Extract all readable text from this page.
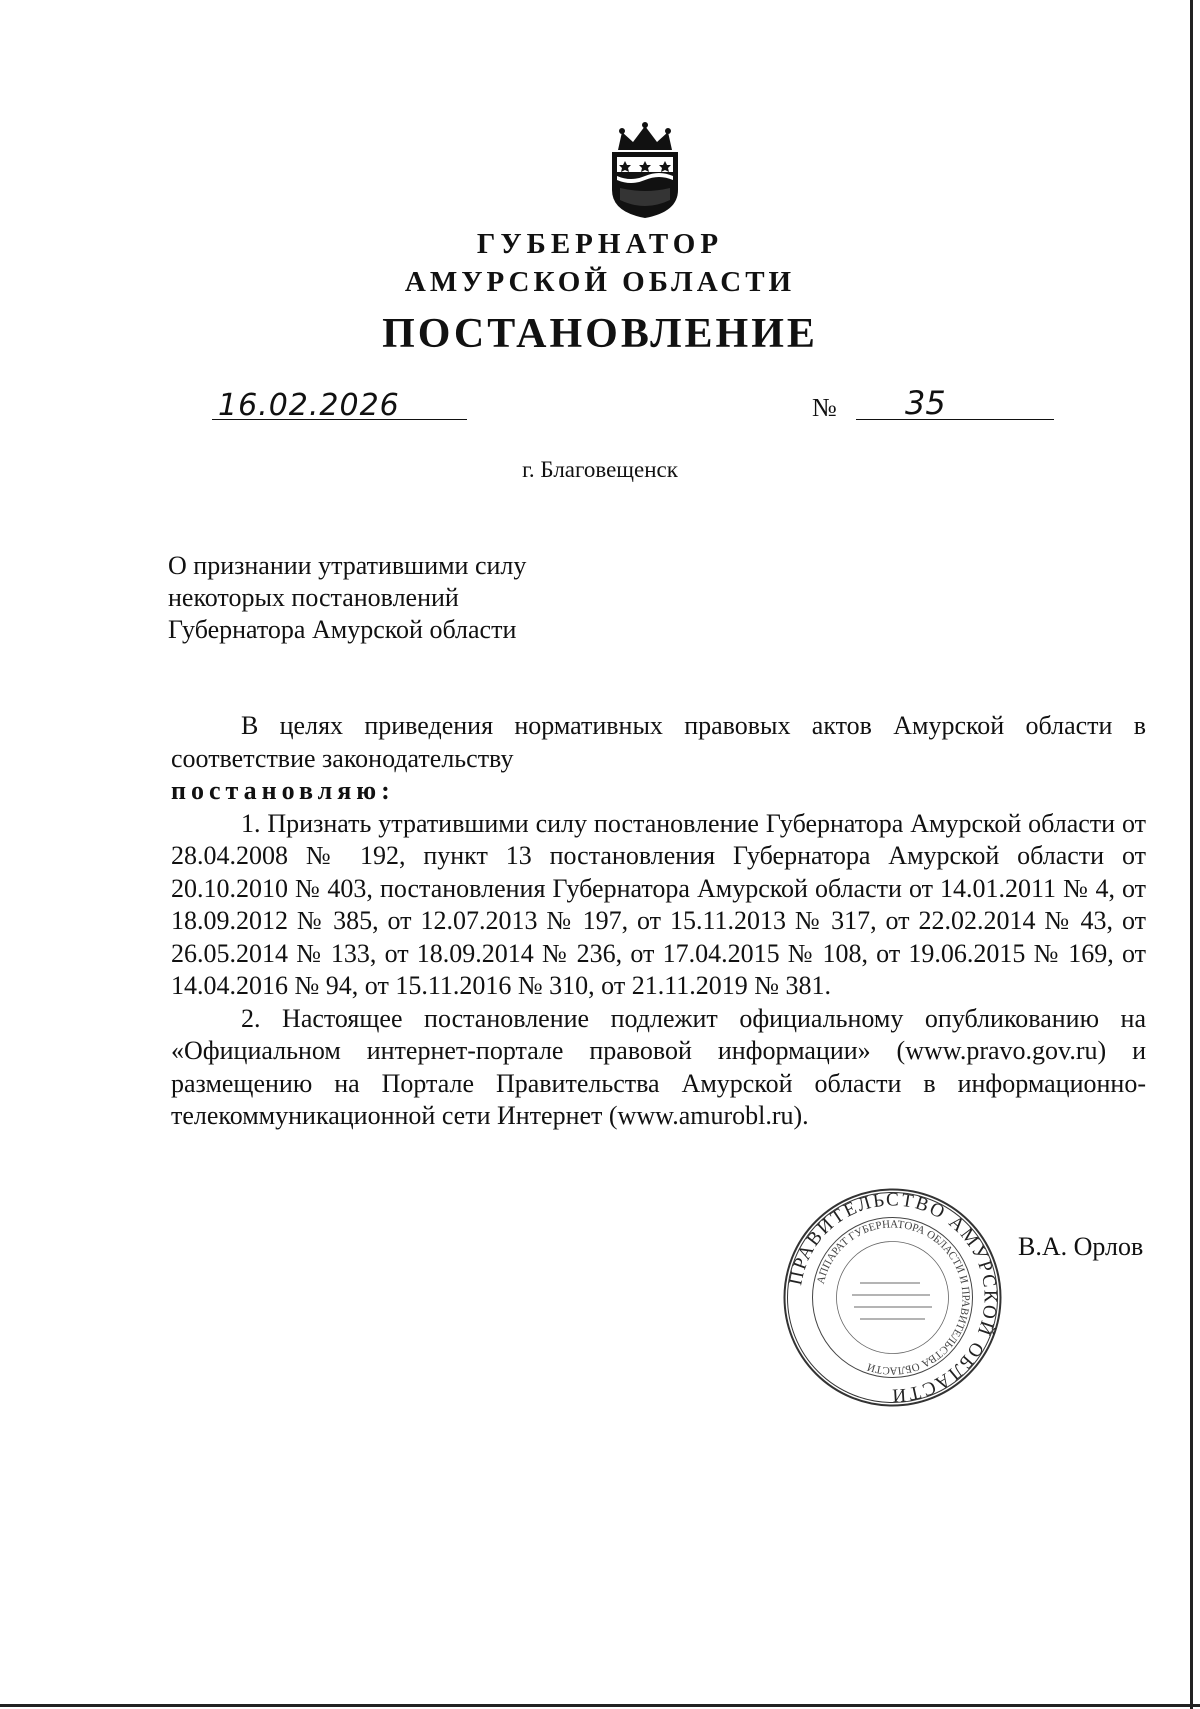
ГУБЕРНАТОР
АМУРСКОЙ ОБЛАСТИ
ПОСТАНОВЛЕНИЕ
16.02.2026	№ 35
г. Благовещенск
О признании утратившими силу
некоторых постановлений
Губернатора Амурской области

В целях приведения нормативных правовых актов Амурской области в соответствие законодательству

постановляю:

1. Признать утратившими силу постановление Губернатора Амурской области от 28.04.2008 № 192, пункт 13 постановления Губернатора Амурской области от 20.10.2010 № 403, постановления Губернатора Амурской области от 14.01.2011 № 4, от 18.09.2012 № 385, от 12.07.2013 № 197, от 15.11.2013 № 317, от 22.02.2014 № 43, от 26.05.2014 № 133, от 18.09.2014 № 236, от 17.04.2015 № 108, от 19.06.2015 № 169, от 14.04.2016 № 94, от 15.11.2016 № 310, от 21.11.2019 № 381.

2. Настоящее постановление подлежит официальному опубликованию на «Официальном интернет-портале правовой информации» (www.pravo.gov.ru) и размещению на Портале Правительства Амурской области в информационно-телекоммуникационной сети Интернет (www.amurobl.ru).

ПРАВИТЕЛЬСТВО АМУРСКОЙ ОБЛАСТИ
АППАРАТ ГУБЕРНАТОРА ОБЛАСТИ И ПРАВИТЕЛЬСТВА ОБЛАСТИ
В.А. Орлов
